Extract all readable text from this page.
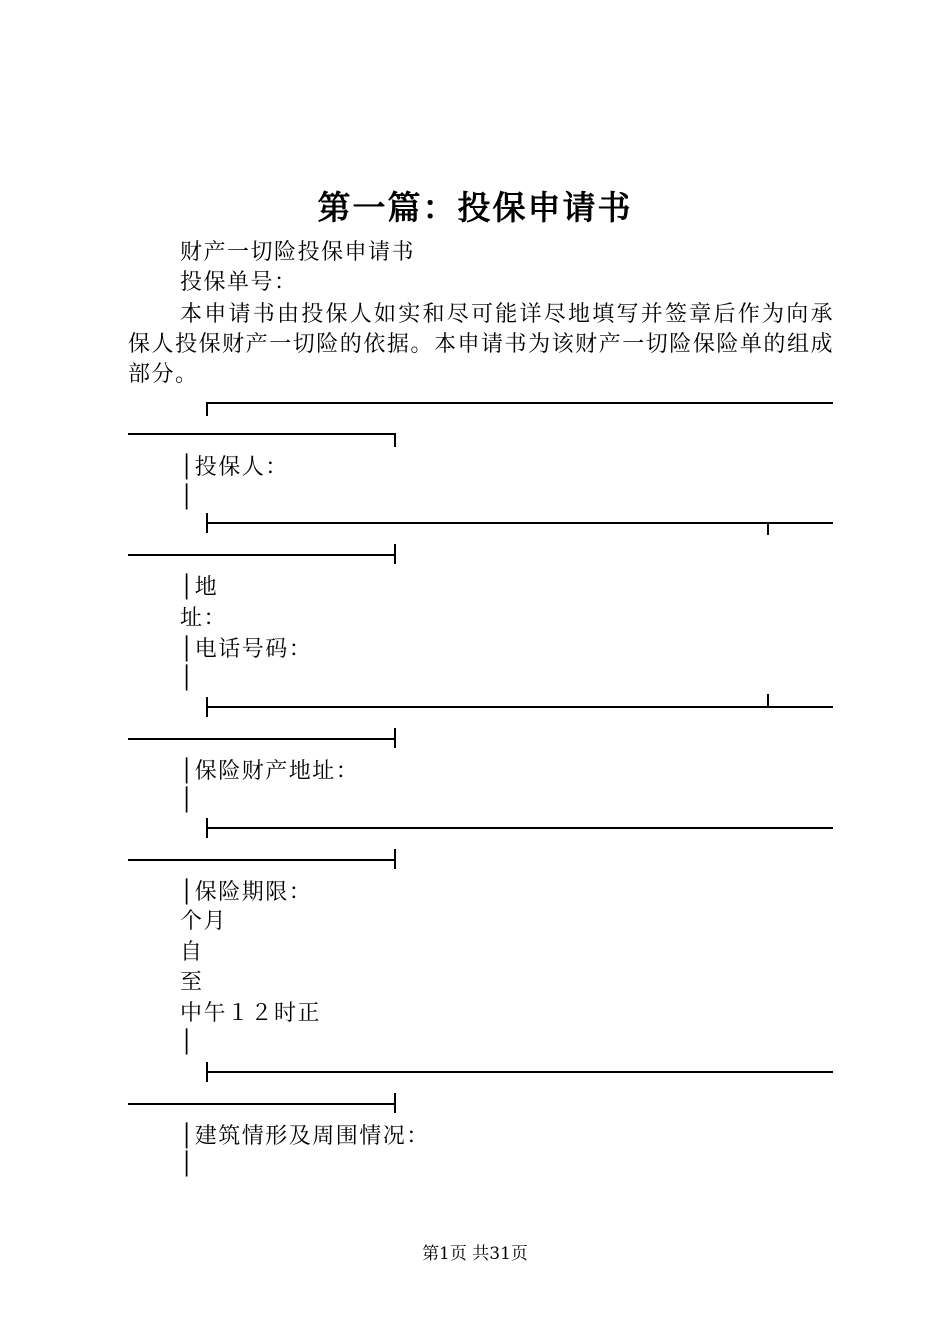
第一篇：投保申请书
财产一切险投保申请书
投保单号：
本申请书由投保人如实和尽可能详尽地填写并签章后作为向承保人投保财产一切险的依据。本申请书为该财产一切险保险单的组成部分。
│投保人：
│
│地
址：
│电话号码：
│
│保险财产地址：
│
│保险期限：
个月
自
至
中午１２时正
│
│建筑情形及周围情况：
│
第1页 共31页
